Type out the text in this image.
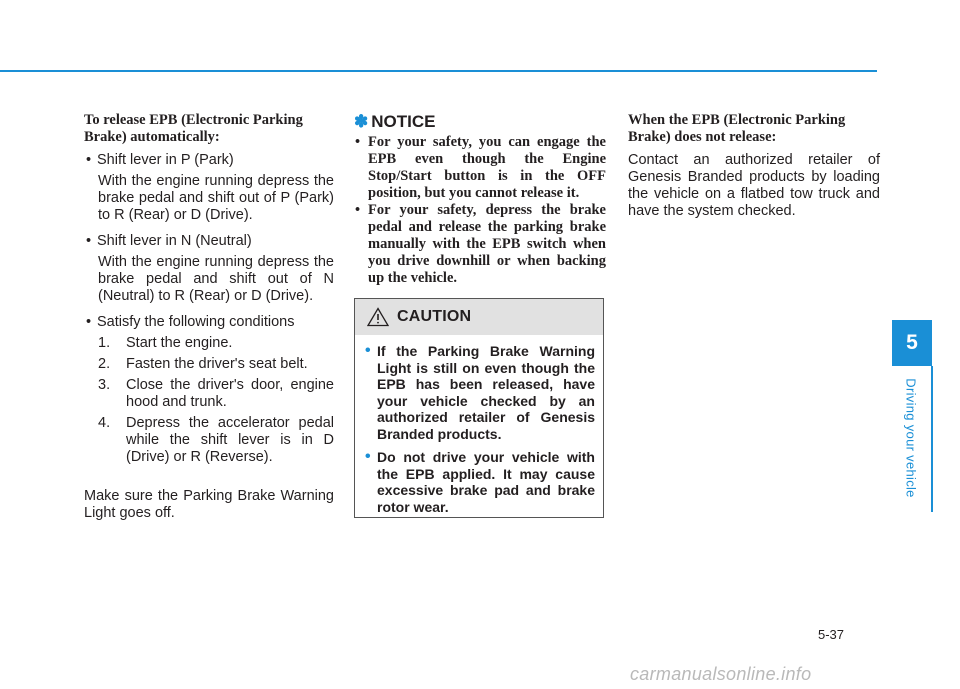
To release EPB (Electronic Parking Brake) automatically:

• Shift lever in P (Park)

With the engine running depress the brake pedal and shift out of P (Park) to R (Rear) or D (Drive).

• Shift lever in N (Neutral)

With the engine running depress the brake pedal and shift out of N (Neutral) to R (Rear) or D (Drive).

• Satisfy the following conditions

1. Start the engine.
2. Fasten the driver's seat belt.
3. Close the driver's door, engine hood and trunk.
4. Depress the accelerator pedal while the shift lever is in D (Drive) or R (Reverse).

Make sure the Parking Brake Warning Light goes off.

✽ NOTICE

• For your safety, you can engage the EPB even though the Engine Stop/Start button is in the OFF position, but you cannot release it.

• For your safety, depress the brake pedal and release the parking brake manually with the EPB switch when you drive downhill or when backing up the vehicle.

CAUTION

• If the Parking Brake Warning Light is still on even though the EPB has been released, have your vehicle checked by an authorized retailer of Genesis Branded products.

• Do not drive your vehicle with the EPB applied. It may cause excessive brake pad and brake rotor wear.

When the EPB (Electronic Parking Brake) does not release:

Contact an authorized retailer of Genesis Branded products by loading the vehicle on a flatbed tow truck and have the system checked.

5
Driving your vehicle
5-37
carmanualsonline.info
